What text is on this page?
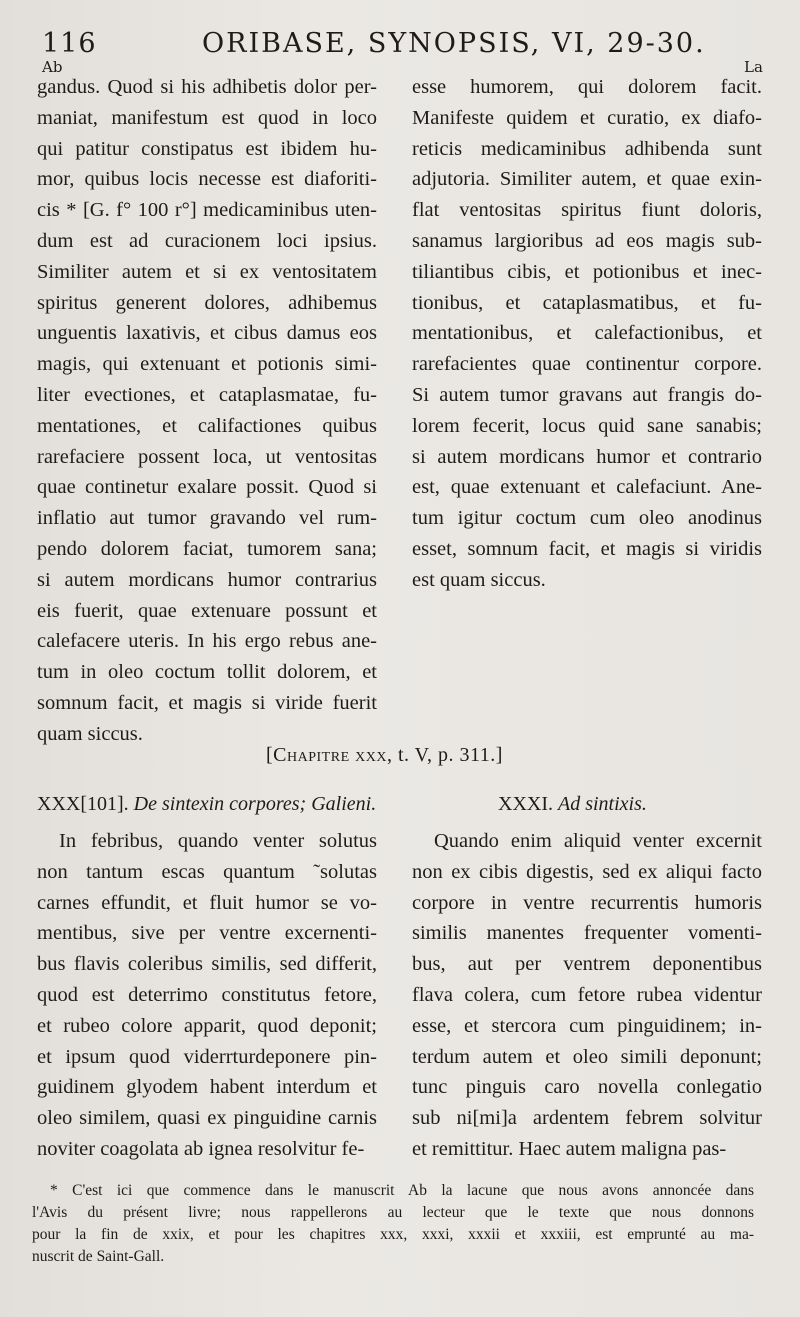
116	ORIBASE, SYNOPSIS, VI, 29-30.
Ab	La
gandus. Quod si his adhibetis dolor per-
maniat, manifestum est quod in loco
qui patitur constipatus est ibidem hu-
mor, quibus locis necesse est diaforiti-
cis * [G. f° 100 r°] medicaminibus uten-
dum est ad curacionem loci ipsius.
Similiter autem et si ex ventositatem
spiritus generent dolores, adhibemus
unguentis laxativis, et cibus damus eos
magis, qui extenuant et potionis simi-
liter evectiones, et cataplasmatae, fu-
mentationes, et califactiones quibus
rarefaciere possent loca, ut ventositas
quae continetur exalare possit. Quod si
inflatio aut tumor gravando vel rum-
pendo dolorem faciat, tumorem sana;
si autem mordicans humor contrarius
eis fuerit, quae extenuare possunt et
calefacere uteris. In his ergo rebus ane-
tum in oleo coctum tollit dolorem, et
somnum facit, et magis si viride fuerit
quam siccus.
esse humorem, qui dolorem facit.
Manifeste quidem et curatio, ex diafo-
reticis medicaminibus adhibenda sunt
adjutoria. Similiter autem, et quae exin-
flat ventositas spiritus fiunt doloris,
sanamus largioribus ad eos magis sub-
tiliantibus cibis, et potionibus et inec-
tionibus, et cataplasmatibus, et fu-
mentationibus, et calefactionibus, et
rarefacientes quae continentur corpore.
Si autem tumor gravans aut frangis do-
lorem fecerit, locus quid sane sanabis;
si autem mordicans humor et contrario
est, quae extenuant et calefaciunt. Ane-
tum igitur coctum cum oleo anodinus
esset, somnum facit, et magis si viridis
est quam siccus.
[Chapitre xxx, t. V, p. 311.]
XXX[101]. De sintexin corpores; Galieni.	XXXI. Ad sintixis.
In febribus, quando venter solutus
non tantum escas quantum ˜solutas
carnes effundit, et fluit humor se vo-
mentibus, sive per ventre excernenti-
bus flavis coleribus similis, sed differit,
quod est deterrimo constitutus fetore,
et rubeo colore apparit, quod deponit;
et ipsum quod viderrturdeponere pin-
guidinem glyodem habent interdum et
oleo similem, quasi ex pinguidine carnis
noviter coagolata ab ignea resolvitur fe-
Quando enim aliquid venter excernit
non ex cibis digestis, sed ex aliqui facto
corpore in ventre recurrentis humoris
similis manentes frequenter vomenti-
bus, aut per ventrem deponentibus
flava colera, cum fetore rubea videntur
esse, et stercora cum pinguidinem; in-
terdum autem et oleo simili deponunt;
tunc pinguis caro novella conlegatio
sub ni[mi]a ardentem febrem solvitur
et remittitur. Haec autem maligna pas-
* C'est ici que commence dans le manuscrit Ab la lacune que nous avons annoncée dans
l'Avis du présent livre; nous rappellerons au lecteur que le texte que nous donnons
pour la fin de xxix, et pour les chapitres xxx, xxxi, xxxii et xxxiii, est emprunté au ma-
nuscrit de Saint-Gall.
